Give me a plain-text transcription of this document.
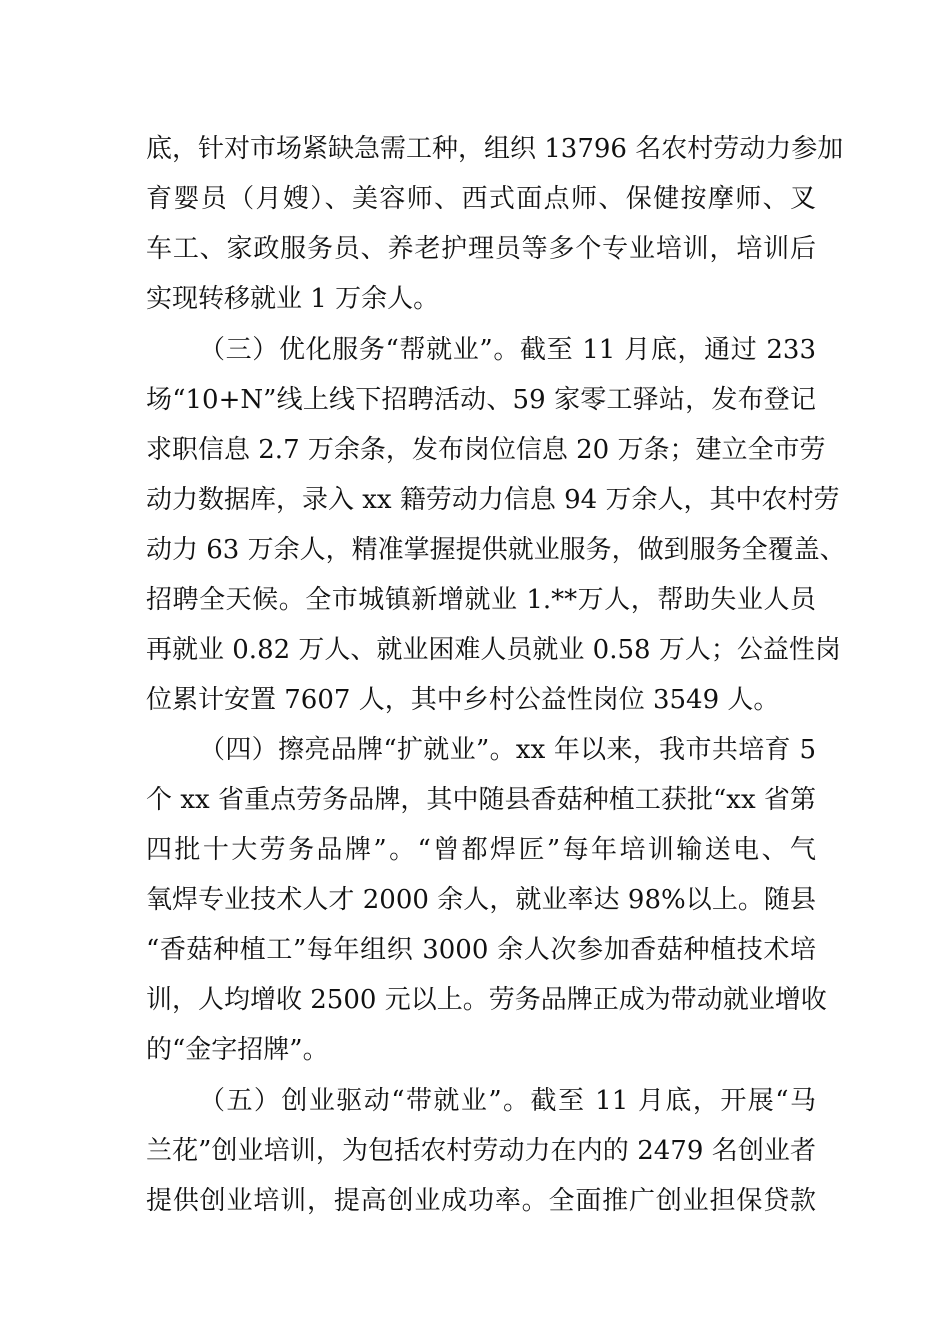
底，针对市场紧缺急需工种，组织 13796 名农村劳动力参加
育婴员（月嫂）、美容师、西式面点师、保健按摩师、叉
车工、家政服务员、养老护理员等多个专业培训，培训后
实现转移就业 1 万余人。
（三）优化服务“帮就业”。截至 11 月底，通过 233
场“10+N”线上线下招聘活动、59 家零工驿站，发布登记
求职信息 2.7 万余条，发布岗位信息 20 万条；建立全市劳
动力数据库，录入 xx 籍劳动力信息 94 万余人，其中农村劳
动力 63 万余人，精准掌握提供就业服务，做到服务全覆盖、
招聘全天候。全市城镇新增就业 1.**万人，帮助失业人员
再就业 0.82 万人、就业困难人员就业 0.58 万人；公益性岗
位累计安置 7607 人，其中乡村公益性岗位 3549 人。
（四）擦亮品牌“扩就业”。xx 年以来，我市共培育 5
个 xx 省重点劳务品牌，其中随县香菇种植工获批“xx 省第
四批十大劳务品牌”。“曾都焊匠”每年培训输送电、气
氧焊专业技术人才 2000 余人，就业率达 98%以上。随县
“香菇种植工”每年组织 3000 余人次参加香菇种植技术培
训，人均增收 2500 元以上。劳务品牌正成为带动就业增收
的“金字招牌”。
（五）创业驱动“带就业”。截至 11 月底，开展“马
兰花”创业培训，为包括农村劳动力在内的 2479 名创业者
提供创业培训，提高创业成功率。全面推广创业担保贷款
